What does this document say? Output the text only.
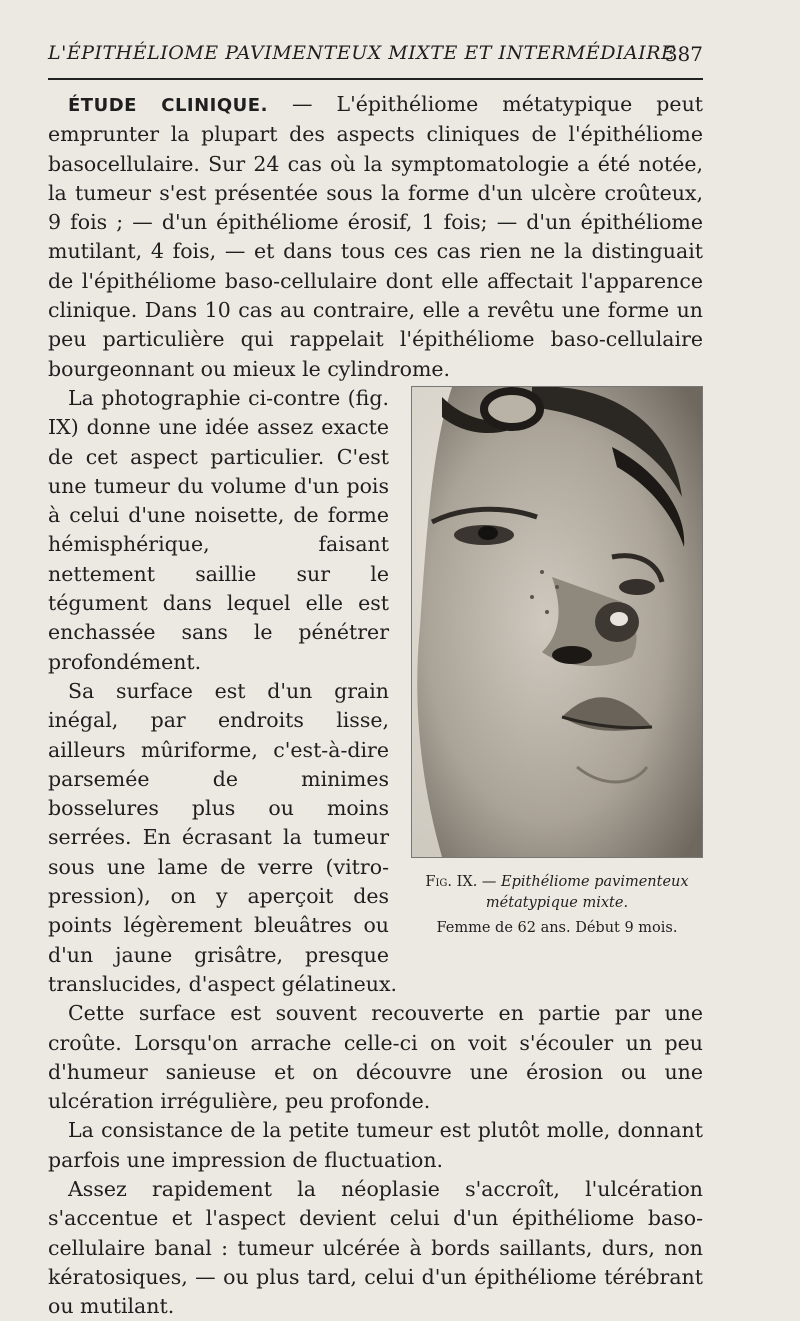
L'ÉPITHÉLIOME PAVIMENTEUX MIXTE ET INTERMÉDIAIRE
387

ÉTUDE CLINIQUE. — L'épithéliome métatypique peut emprunter la plupart des aspects cliniques de l'épithéliome basocellulaire. Sur 24 cas où la symptomatologie a été notée, la tumeur s'est présentée sous la forme d'un ulcère croûteux, 9 fois ; — d'un épithéliome érosif, 1 fois; — d'un épithéliome mutilant, 4 fois, — et dans tous ces cas rien ne la distinguait de l'épithéliome baso-cellulaire dont elle affectait l'apparence clinique. Dans 10 cas au contraire, elle a revêtu une forme un peu particulière qui rappelait l'épithéliome baso-cellulaire bourgeonnant ou mieux le cylindrome.

Fig. IX. — Epithéliome pavimenteux métatypique mixte.
Femme de 62 ans. Début 9 mois.

La photographie ci-contre (fig. IX) donne une idée assez exacte de cet aspect particulier. C'est une tumeur du volume d'un pois à celui d'une noisette, de forme hémisphérique, faisant nettement saillie sur le tégument dans lequel elle est enchassée sans le pénétrer profondément.

Sa surface est d'un grain inégal, par endroits lisse, ailleurs mûriforme, c'est-à-dire parsemée de minimes bosselures plus ou moins serrées. En écrasant la tumeur sous une lame de verre (vitro-pression), on y aperçoit des points légèrement bleuâtres ou d'un jaune grisâtre, presque translucides, d'aspect gélatineux.

Cette surface est souvent recouverte en partie par une croûte. Lorsqu'on arrache celle-ci on voit s'écouler un peu d'humeur sanieuse et on découvre une érosion ou une ulcération irrégulière, peu profonde.

La consistance de la petite tumeur est plutôt molle, donnant parfois une impression de fluctuation.

Assez rapidement la néoplasie s'accroît, l'ulcération s'accentue et l'aspect devient celui d'un épithéliome baso-cellulaire banal : tumeur ulcérée à bords saillants, durs, non kératosiques, — ou plus tard, celui d'un épithéliome térébrant ou mutilant.
